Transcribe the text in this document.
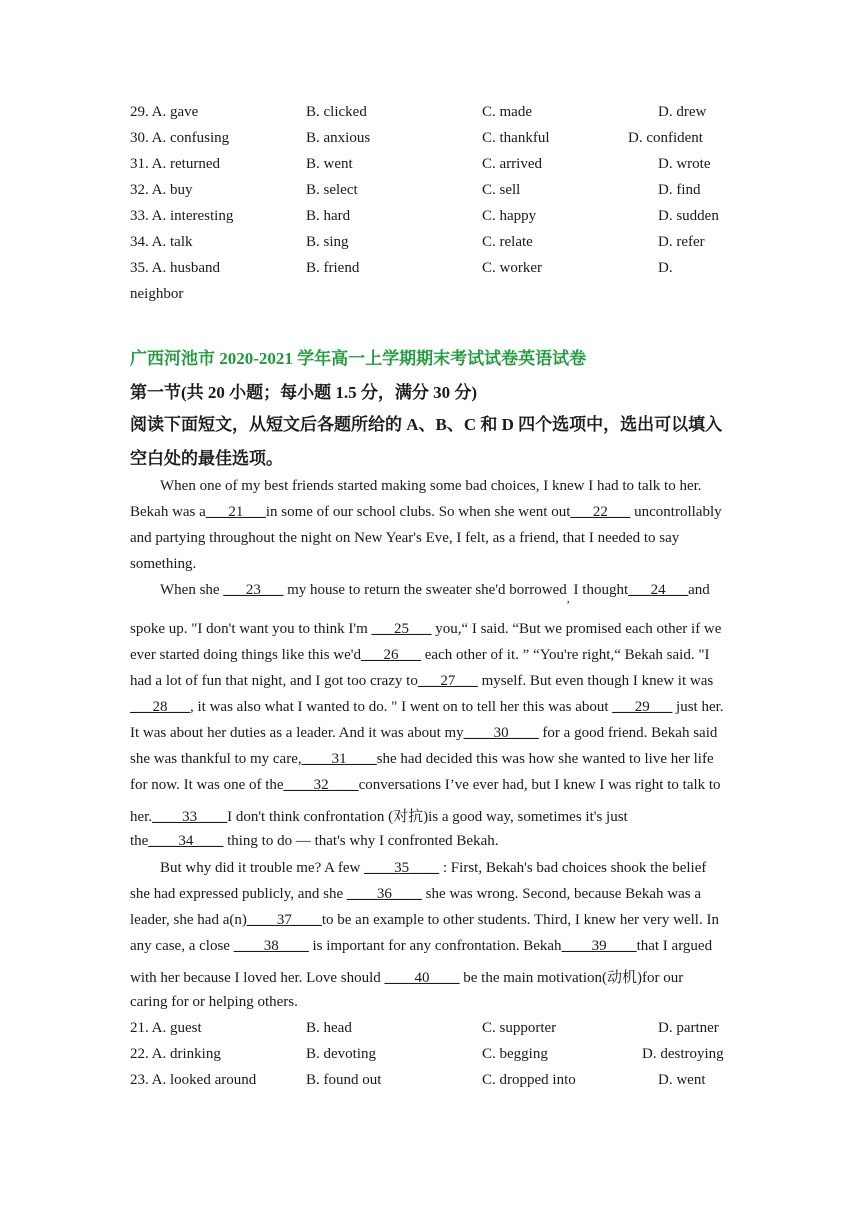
29. A. gave	B. clicked	C. made	D. drew
30. A. confusing	B. anxious	C. thankful	D. confident
31. A. returned	B. went	C. arrived	D. wrote
32. A. buy	B. select	C. sell	D. find
33. A. interesting	B. hard	C. happy	D. sudden
34. A. talk	B. sing	C. relate	D. refer
35. A. husband	B. friend	C. worker	D.
neighbor
广西河池市 2020-2021 学年高一上学期期末考试试卷英语试卷
第一节(共 20 小题；每小题 1.5 分，满分 30 分)
阅读下面短文，从短文后各题所给的 A、B、C 和 D 四个选项中，选出可以填入空白处的最佳选项。
When one of my best friends started making some bad choices, I knew I had to talk to her.
Bekah was a___21___in some of our school clubs. So when she went out___22___ uncontrollably
and partying throughout the night on New Year's Eve, I felt, as a friend, that I needed to say
something.
When she ___23___ my house to return the sweater she'd borrowed$_,$ I thought___24___and
spoke up. "I don't want you to think I'm ___25___ you,“ I said. “But we promised each other if we
ever started doing things like this we'd___26___ each other of it. ” “You're right,“ Bekah said. "I
had a lot of fun that night, and I got too crazy to___27___ myself. But even though I knew it was
___28___, it was also what I wanted to do. " I went on to tell her this was about ___29___ just her.
It was about her duties as a leader. And it was about my____30____ for a good friend. Bekah said
she was thankful to my care,____31____she had decided this was how she wanted to live her life
for now. It was one of the____32____conversations I’ve ever had, but I knew I was right to talk to
her.____33____I don't think confrontation (对抗)is a good way, sometimes it's just
the____34____ thing to do — that's why I confronted Bekah.
But why did it trouble me? A few ____35____ : First, Bekah's bad choices shook the belief
she had expressed publicly, and she ____36____ she was wrong. Second, because Bekah was a
leader, she had a(n)____37____to be an example to other students. Third, I knew her very well. In
any case, a close ____38____ is important for any confrontation. Bekah____39____that I argued
with her because I loved her. Love should ____40____ be the main motivation(动机)for our
caring for or helping others.
21. A. guest	B. head	C. supporter	D. partner
22. A. drinking	B. devoting	C. begging	D. destroying
23. A. looked around	B. found out	C. dropped into	D. went
